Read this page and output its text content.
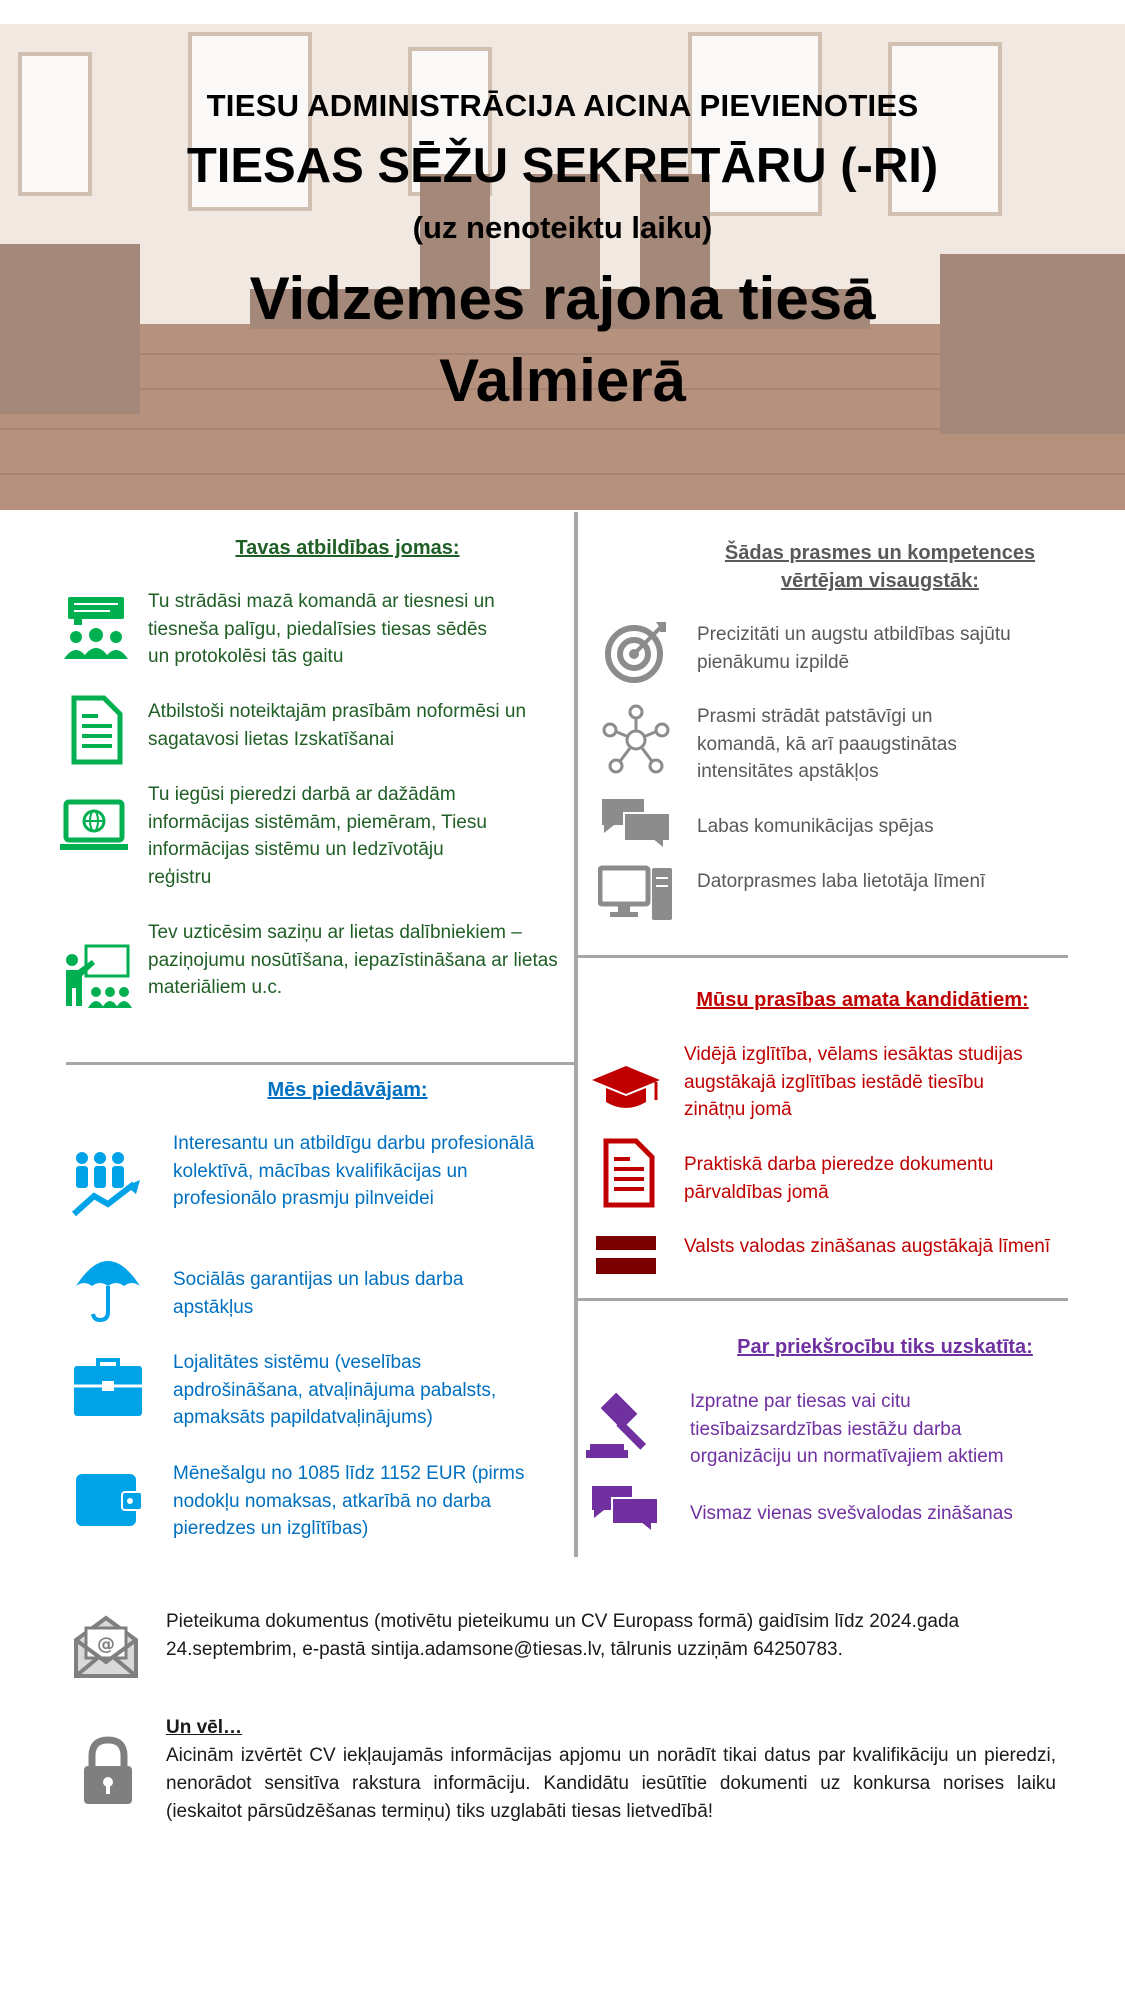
TIESU ADMINISTRĀCIJA AICINA PIEVIENOTIES
TIESAS SĒŽU SEKRETĀRU (-RI)
(uz nenoteiktu laiku)
Vidzemes rajona tiesā
Valmierā
Tavas atbildības jomas:
Tu strādāsi mazā komandā ar tiesnesi un tiesneša palīgu, piedalīsies tiesas sēdēs un protokolēsi tās gaitu
Atbilstoši noteiktajām prasībām noformēsi un sagatavosi lietas Izskatīšanai
Tu iegūsi pieredzi darbā ar dažādām informācijas sistēmām, piemēram, Tiesu informācijas sistēmu un Iedzīvotāju reģistru
Tev uzticēsim saziņu ar lietas dalībniekiem – paziņojumu nosūtīšana, iepazīstināšana ar lietas materiāliem u.c.
Šādas prasmes un kompetences vērtējam visaugstāk:
Precizitāti un augstu atbildības sajūtu pienākumu izpildē
Prasmi strādāt patstāvīgi un komandā, kā arī paaugstinātas intensitātes apstākļos
Labas komunikācijas spējas
Datorprasmes laba lietotāja līmenī
Mēs piedāvājam:
Interesantu un atbildīgu darbu profesionālā kolektīvā, mācības kvalifikācijas un profesionālo prasmju pilnveidei
Sociālās garantijas un labus darba apstākļus
Lojalitātes sistēmu (veselības apdrošināšana, atvaļinājuma pabalsts, apmaksāts papildatvaļinājums)
Mēnešalgu no 1085 līdz 1152 EUR (pirms nodokļu nomaksas, atkarībā no darba pieredzes un izglītības)
Mūsu prasības amata kandidātiem:
Vidējā izglītība, vēlams iesāktas studijas augstākajā izglītības iestādē tiesību zinātņu jomā
Praktiskā darba pieredze dokumentu pārvaldības jomā
Valsts valodas zināšanas augstākajā līmenī
Par priekšrocību tiks uzskatīta:
Izpratne par tiesas vai citu tiesībaizsardzības iestāžu darba organizāciju un normatīvajiem aktiem
Vismaz vienas svešvalodas zināšanas
@
Pieteikuma dokumentus (motivētu pieteikumu un CV Europass formā) gaidīsim līdz 2024.gada 24.septembrim, e-pastā sintija.adamsone@tiesas.lv, tālrunis uzziņām 64250783.
Un vēl…
Aicinām izvērtēt CV iekļaujamās informācijas apjomu un norādīt tikai datus par kvalifikāciju un pieredzi, nenorādot sensitīva rakstura informāciju. Kandidātu iesūtītie dokumenti uz konkursa norises laiku (ieskaitot pārsūdzēšanas termiņu) tiks uzglabāti tiesas lietvedībā!
